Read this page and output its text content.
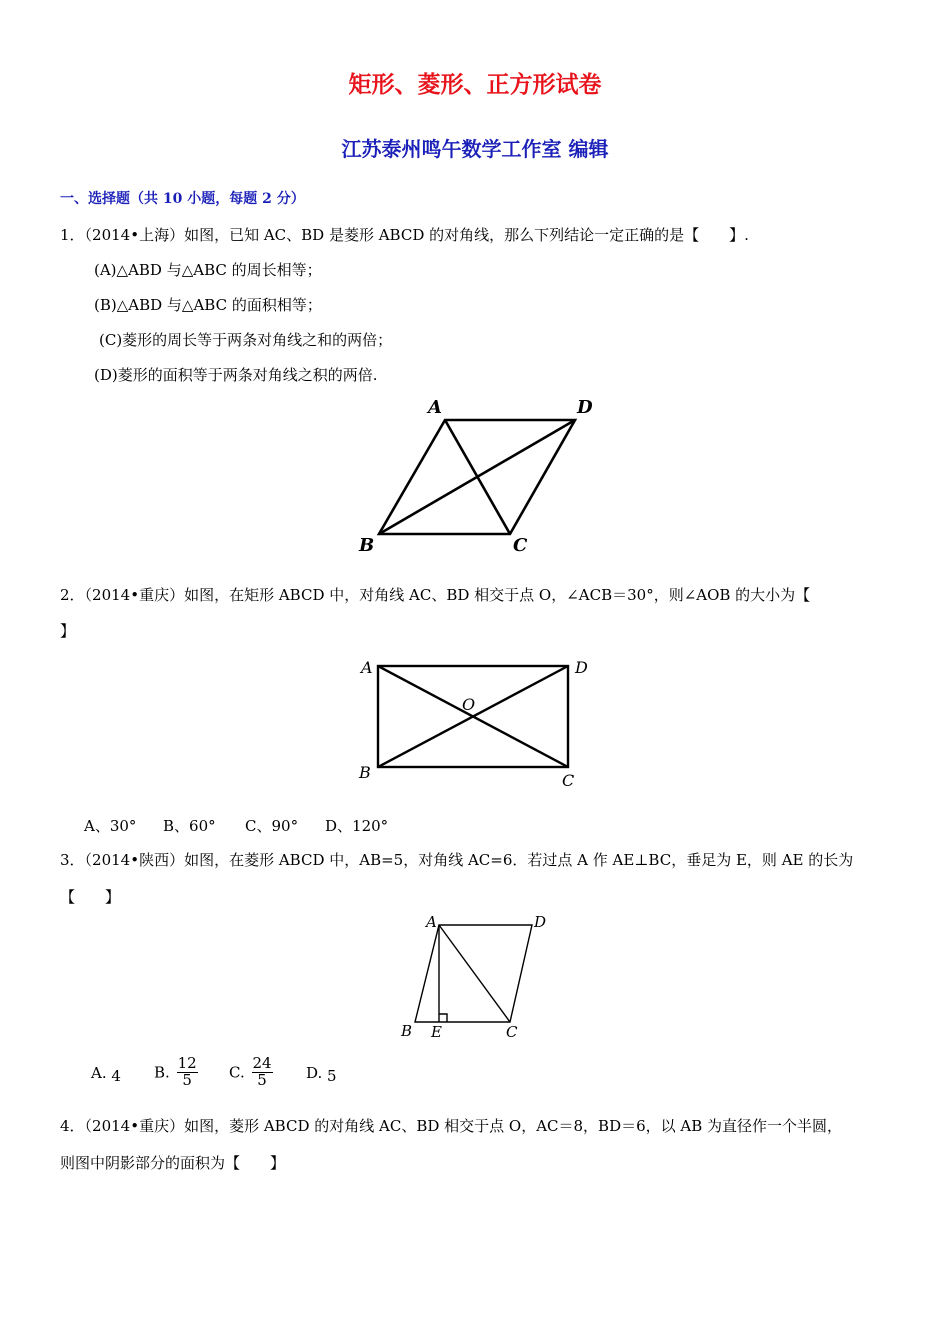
矩形、菱形、正方形试卷
江苏泰州鸣午数学工作室 编辑
一、选择题（共 10 小题，每题 2 分）
1．（2014•上海）如图，已知 AC、BD 是菱形 ABCD 的对角线，那么下列结论一定正确的是【　　】.
(A)△ABD 与△ABC 的周长相等；
(B)△ABD 与△ABC 的面积相等；
(C)菱形的周长等于两条对角线之和的两倍；
(D)菱形的面积等于两条对角线之积的两倍.
A	D
B	C
A	D
B	C
O
A	D
B E	C
2．（2014•重庆）如图，在矩形 ABCD 中，对角线 AC、BD 相交于点 O，∠ACB＝30°，则∠AOB 的大小为【
】
A、30° B、60° C、90° D、120°
3．（2014•陕西）如图，在菱形 ABCD 中，AB=5，对角线 AC=6．若过点 A 作 AE⊥BC，垂足为 E，则 AE 的长为
【　　】
A. 4 B. $\frac{12}{5} C$. $\frac{24}{5} D$. 5
4．（2014•重庆）如图，菱形 ABCD 的对角线 AC、BD 相交于点 O，AC＝8，BD＝6，以 AB 为直径作一个半圆，
则图中阴影部分的面积为【　　】
